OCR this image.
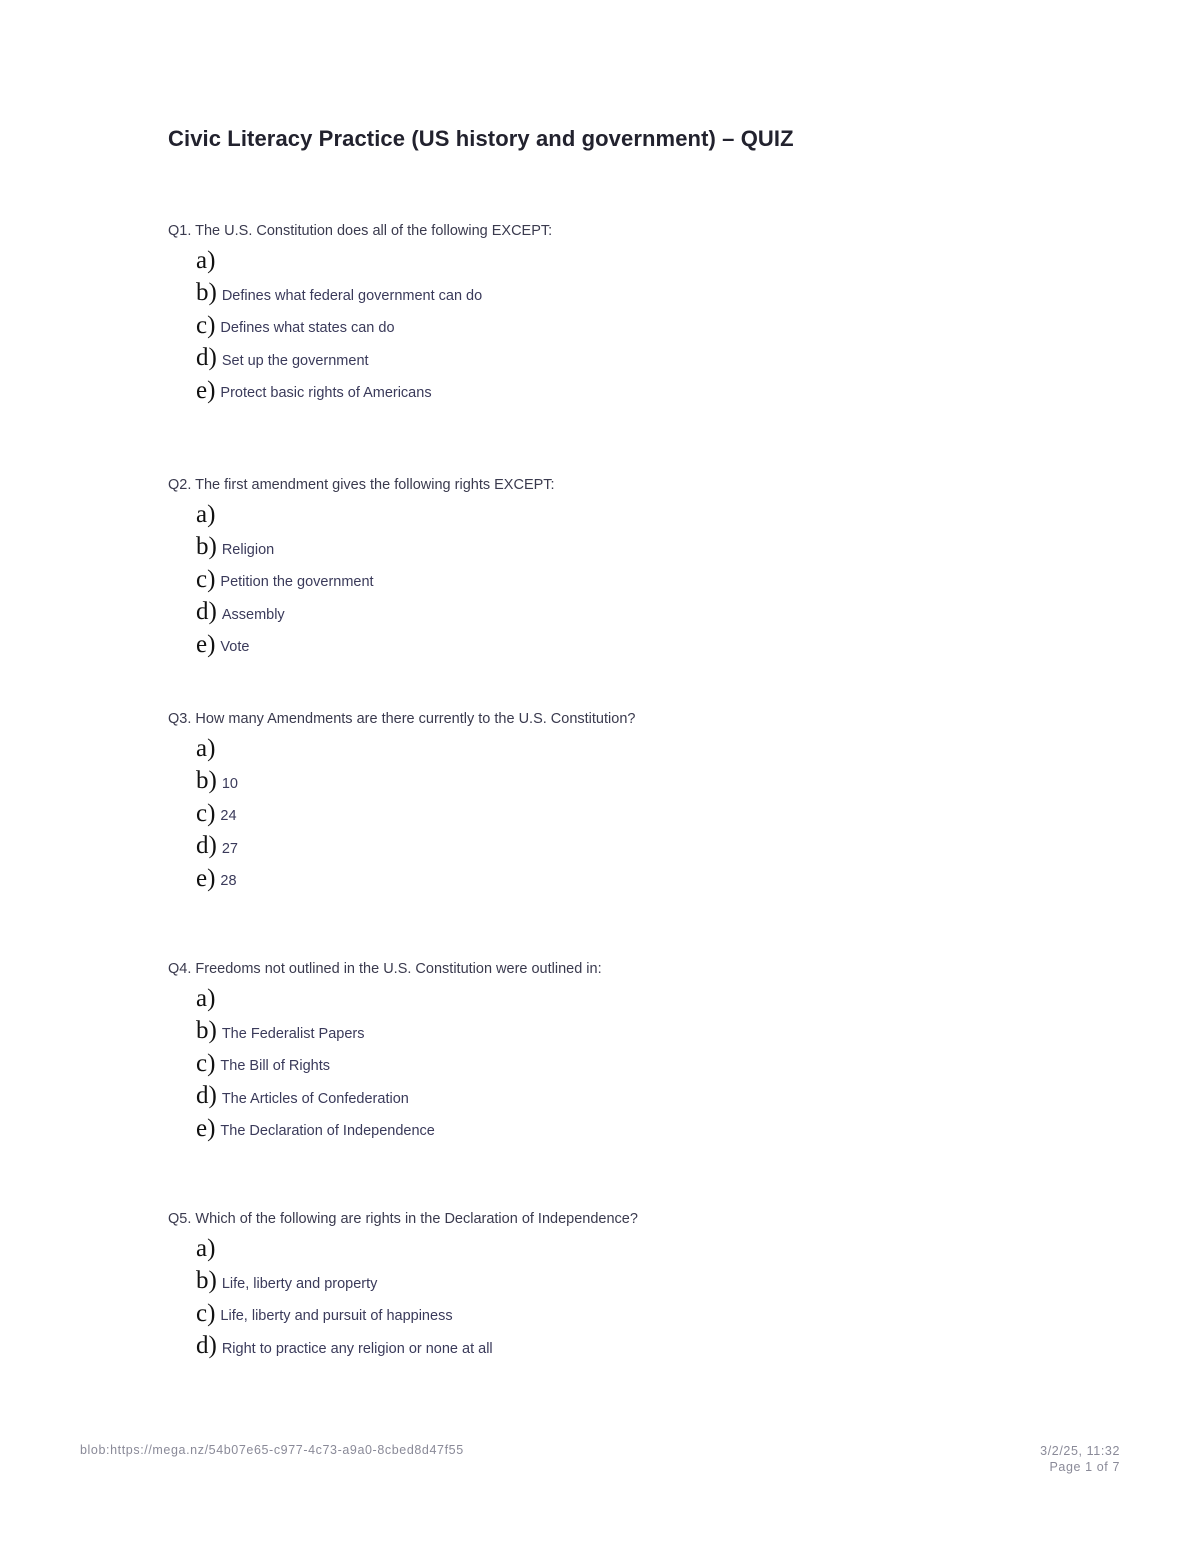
Civic Literacy Practice (US history and government) – QUIZ
Q1. The U.S. Constitution does all of the following EXCEPT:
a)
b) Defines what federal government can do
c) Defines what states can do
d) Set up the government
e) Protect basic rights of Americans
Q2. The first amendment gives the following rights EXCEPT:
a)
b) Religion
c) Petition the government
d) Assembly
e) Vote
Q3. How many Amendments are there currently to the U.S. Constitution?
a)
b) 10
c) 24
d) 27
e) 28
Q4. Freedoms not outlined in the U.S. Constitution were outlined in:
a)
b) The Federalist Papers
c) The Bill of Rights
d) The Articles of Confederation
e) The Declaration of Independence
Q5. Which of the following are rights in the Declaration of Independence?
a)
b) Life, liberty and property
c) Life, liberty and pursuit of happiness
d) Right to practice any religion or none at all
blob:https://mega.nz/54b07e65-c977-4c73-a9a0-8cbed8d47f55	3/2/25, 11:32
Page 1 of 7
